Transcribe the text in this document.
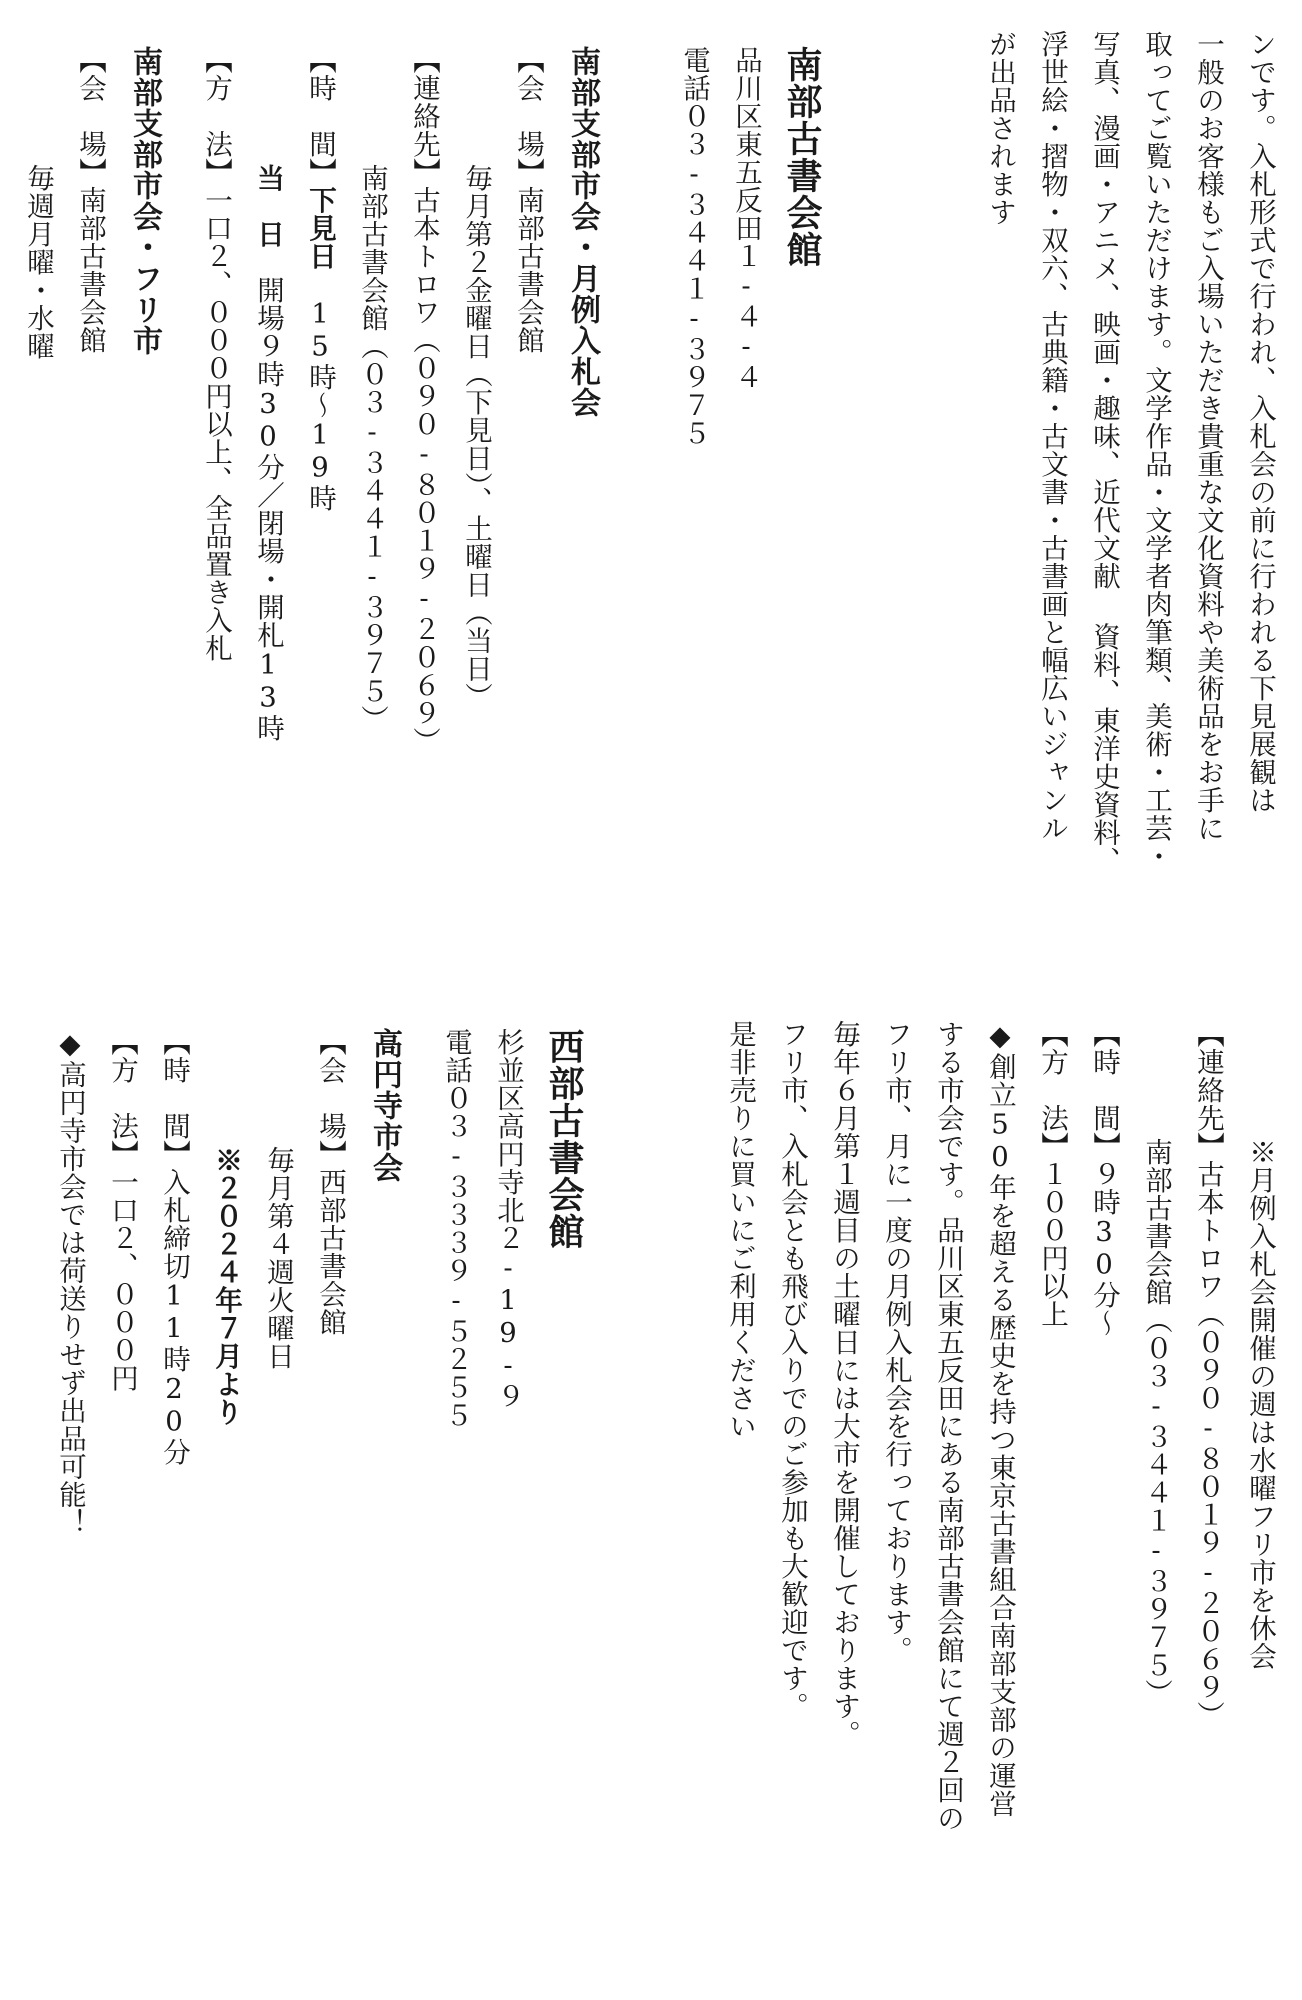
ンです。入札形式で行われ、入札会の前に行われる下見展観は
一般のお客様もご入場いただき貴重な文化資料や美術品をお手に
取ってご覧いただけます。文学作品・文学者肉筆類、美術・工芸・
写真、漫画・アニメ、映画・趣味、近代文献 資料、東洋史資料、
浮世絵・摺物・双六、古典籍・古文書・古書画と幅広いジャンル
が出品されます
南部古書会館
品川区東五反田１-４-４
電話０３-３４４１-３９７５
南部支部市会・月例入札会
【会　場】南部古書会館
毎月第２金曜日（下見日）、土曜日（当日）
【連絡先】古本トロワ（０９０-８０１９-２０６９）
南部古書会館（０３-３４４１-３９７５）
【時　間】下見日　15時〜19時
当　日　開場９時30分／閉場・開札13時
【方　法】一口２、０００円以上、全品置き入札
南部支部市会・フリ市
【会　場】南部古書会館
毎週月曜・水曜
※月例入札会開催の週は水曜フリ市を休会
【連絡先】古本トロワ（０９０-８０１９-２０６９）
南部古書会館（０３-３４４１-３９７５）
【時　間】９時30分〜
【方　法】１００円以上
◆創立50年を超える歴史を持つ東京古書組合南部支部の運営
する市会です。品川区東五反田にある南部古書会館にて週２回の
フリ市、月に一度の月例入札会を行っております。
毎年６月第１週目の土曜日には大市を開催しております。
フリ市、入札会とも飛び入りでのご参加も大歓迎です。
是非売りに買いにご利用ください
西部古書会館
杉並区高円寺北２-19-９
電話０３-３３３９-５２５５
高円寺市会
【会　場】西部古書会館
毎月第４週火曜日
※２０２４年７月より
【時　間】入札締切11時20分
【方　法】一口２、０００円
◆高円寺市会では荷送りせず出品可能！
